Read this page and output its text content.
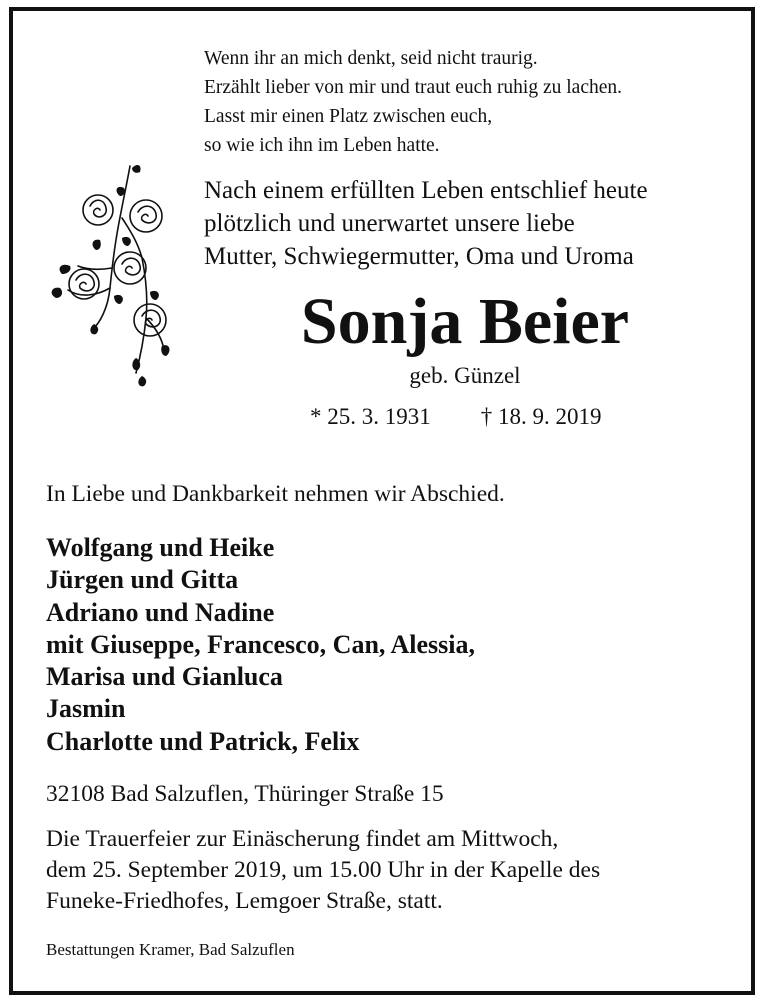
Wenn ihr an mich denkt, seid nicht traurig.
Erzählt lieber von mir und traut euch ruhig zu lachen.
Lasst mir einen Platz zwischen euch,
so wie ich ihn im Leben hatte.
Nach einem erfüllten Leben entschlief heute
plötzlich und unerwartet unsere liebe
Mutter, Schwiegermutter, Oma und Uroma
Sonja Beier
geb. Günzel
* 25. 3. 1931 † 18. 9. 2019
In Liebe und Dankbarkeit nehmen wir Abschied.
Wolfgang und Heike
Jürgen und Gitta
Adriano und Nadine
mit Giuseppe, Francesco, Can, Alessia,
Marisa und Gianluca
Jasmin
Charlotte und Patrick, Felix
32108 Bad Salzuflen, Thüringer Straße 15
Die Trauerfeier zur Einäscherung findet am Mittwoch,
dem 25. September 2019, um 15.00 Uhr in der Kapelle des
Funeke-Friedhofes, Lemgoer Straße, statt.
Bestattungen Kramer, Bad Salzuflen
